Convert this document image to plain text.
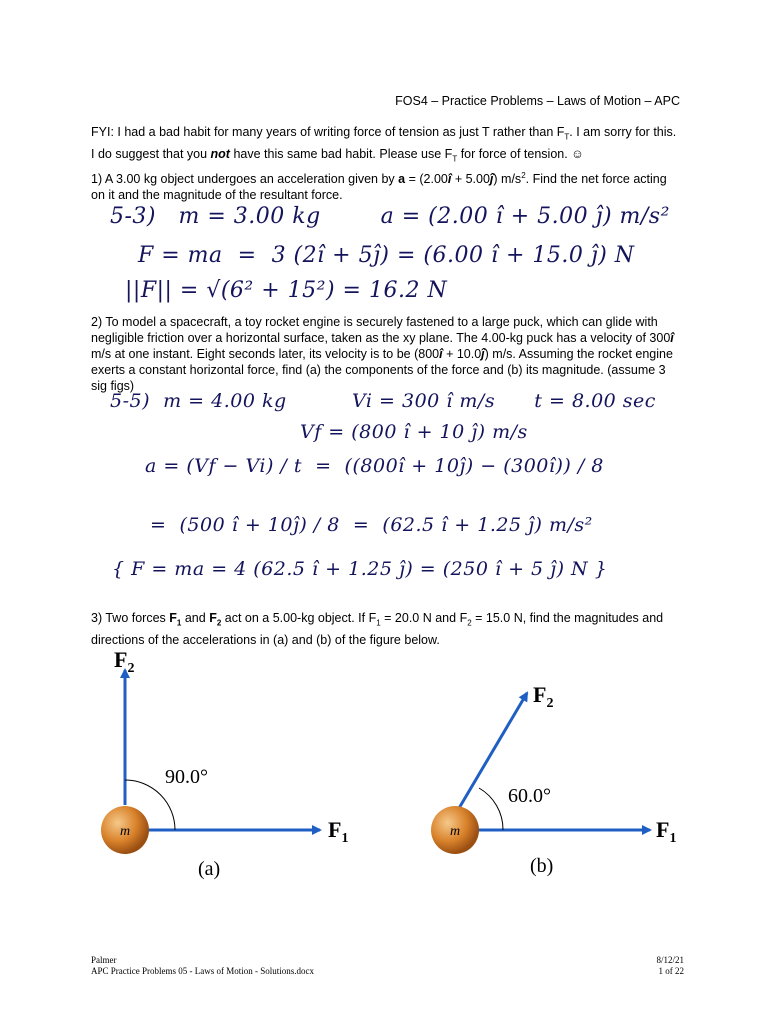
FOS4 – Practice Problems – Laws of Motion – APC
FYI: I had a bad habit for many years of writing force of tension as just T rather than $F_T$. I am sorry for this. I do suggest that you not have this same bad habit. Please use $F_T$ for force of tension. ☺
1) A 3.00 kg object undergoes an acceleration given by a = (2.00î + 5.00ĵ) $m/s^2$. Find the net force acting on it and the magnitude of the resultant force.
5-3)   m = 3.00 kg        a = (2.00 î + 5.00 ĵ) m/s²
F = ma  =  3 (2î + 5ĵ) = (6.00 î + 15.0 ĵ) N
||F|| = √(6² + 15²) = 16.2 N
2) To model a spacecraft, a toy rocket engine is securely fastened to a large puck, which can glide with negligible friction over a horizontal surface, taken as the xy plane. The 4.00-kg puck has a velocity of 300î m/s at one instant. Eight seconds later, its velocity is to be (800î + 10.0ĵ) m/s. Assuming the rocket engine exerts a constant horizontal force, find (a) the components of the force and (b) its magnitude. (assume 3 sig figs)
5-5)  m = 4.00 kg          Vi = 300 î m/s      t = 8.00 sec
Vf = (800 î + 10 ĵ) m/s
a = (Vf − Vi) / t  =  ((800î + 10ĵ) − (300î)) / 8
=  (500 î + 10ĵ) / 8  =  (62.5 î + 1.25 ĵ) m/s²
{ F = ma = 4 (62.5 î + 1.25 ĵ) = (250 î + 5 ĵ) N }
3) Two forces $F_1$ and $F_2$ act on a 5.00-kg object. If $F_1 = 20.0$ N and $F_2 = 15.0$ N, find the magnitudes and directions of the accelerations in (a) and (b) of the figure below.
m
$F_2$
$F_1$
90.0°
(a)
m
$F_2$
$F_1$
60.0°
(b)
Palmer
APC Practice Problems 05 - Laws of Motion - Solutions.docx
8/12/21
1 of 22
